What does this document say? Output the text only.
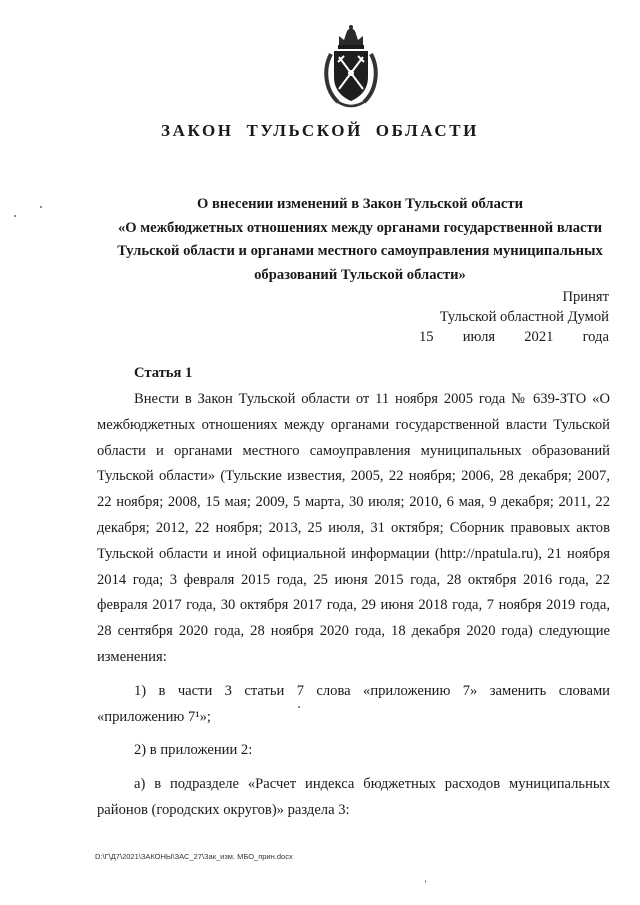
ЗАКОН ТУЛЬСКОЙ ОБЛАСТИ
О внесении изменений в Закон Тульской области
«О межбюджетных отношениях между органами государственной власти
Тульской области и органами местного самоуправления муниципальных
образований Тульской области»
Принят
Тульской областной Думой
15 июля 2021 года
Статья 1

Внести в Закон Тульской области от 11 ноября 2005 года № 639-ЗТО «О межбюджетных отношениях между органами государственной власти Тульской области и органами местного самоуправления муниципальных образований Тульской области» (Тульские известия, 2005, 22 ноября; 2006, 28 декабря; 2007, 22 ноября; 2008, 15 мая; 2009, 5 марта, 30 июля; 2010, 6 мая, 9 декабря; 2011, 22 декабря; 2012, 22 ноября; 2013, 25 июля, 31 октября; Сборник правовых актов Тульской области и иной официальной информации (http://npatula.ru), 21 ноября 2014 года; 3 февраля 2015 года, 25 июня 2015 года, 28 октября 2016 года, 22 февраля 2017 года, 30 октября 2017 года, 29 июня 2018 года, 7 ноября 2019 года, 28 сентября 2020 года, 28 ноября 2020 года, 18 декабря 2020 года) следующие изменения:

1) в части 3 статьи 7 слова «приложению 7» заменить словами «приложению 7¹»;

2) в приложении 2:

а) в подразделе «Расчет индекса бюджетных расходов муниципальных районов (городских округов)» раздела 3:

D:\Г\Д7\2021\ЗАКОНЫ\ЗАС_27\Зак_изм. МБО_прин.docx
